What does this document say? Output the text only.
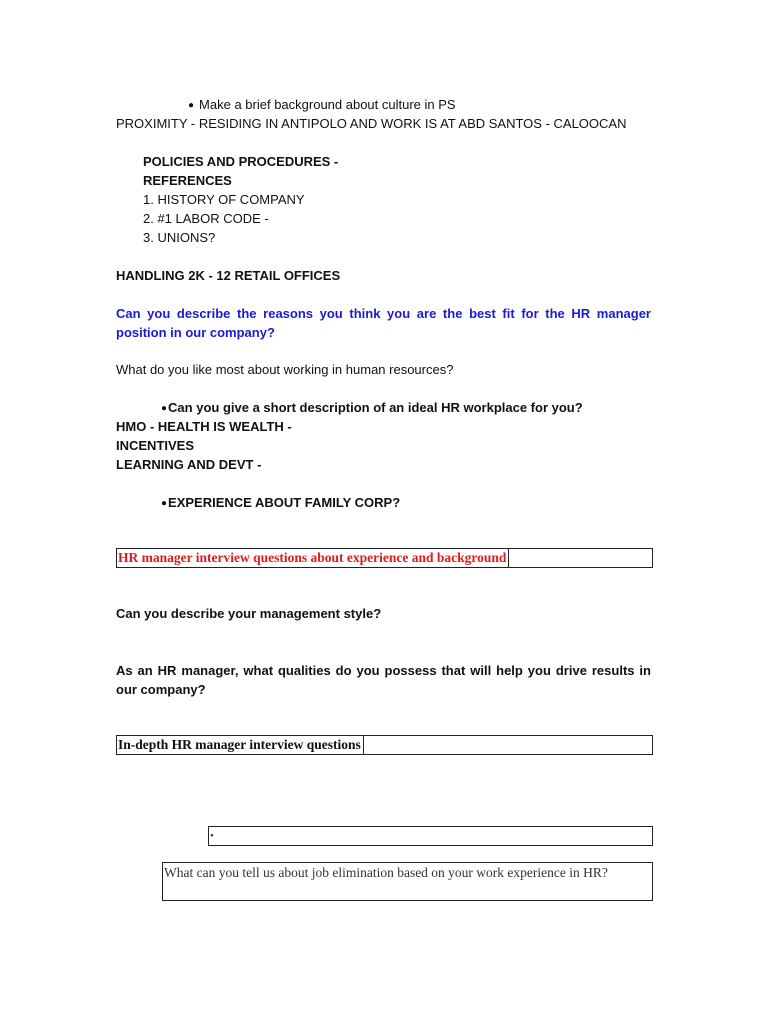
● Make a brief background about culture in PS
PROXIMITY - RESIDING IN ANTIPOLO AND WORK IS AT ABD SANTOS - CALOOCAN
POLICIES AND PROCEDURES -
REFERENCES
1. HISTORY OF COMPANY
2. #1 LABOR CODE -
3. UNIONS?
HANDLING 2K - 12 RETAIL OFFICES
Can you describe the reasons you think you are the best fit for the HR manager position in our company?
What do you like most about working in human resources?
●Can you give a short description of an ideal HR workplace for you?
HMO - HEALTH IS WEALTH -
INCENTIVES
LEARNING AND DEVT -
●EXPERIENCE ABOUT FAMILY CORP?
HR manager interview questions about experience and background
Can you describe your management style?
As an HR manager, what qualities do you possess that will help you drive results in our company?
In-depth HR manager interview questions
•
What can you tell us about job elimination based on your work experience in HR?
